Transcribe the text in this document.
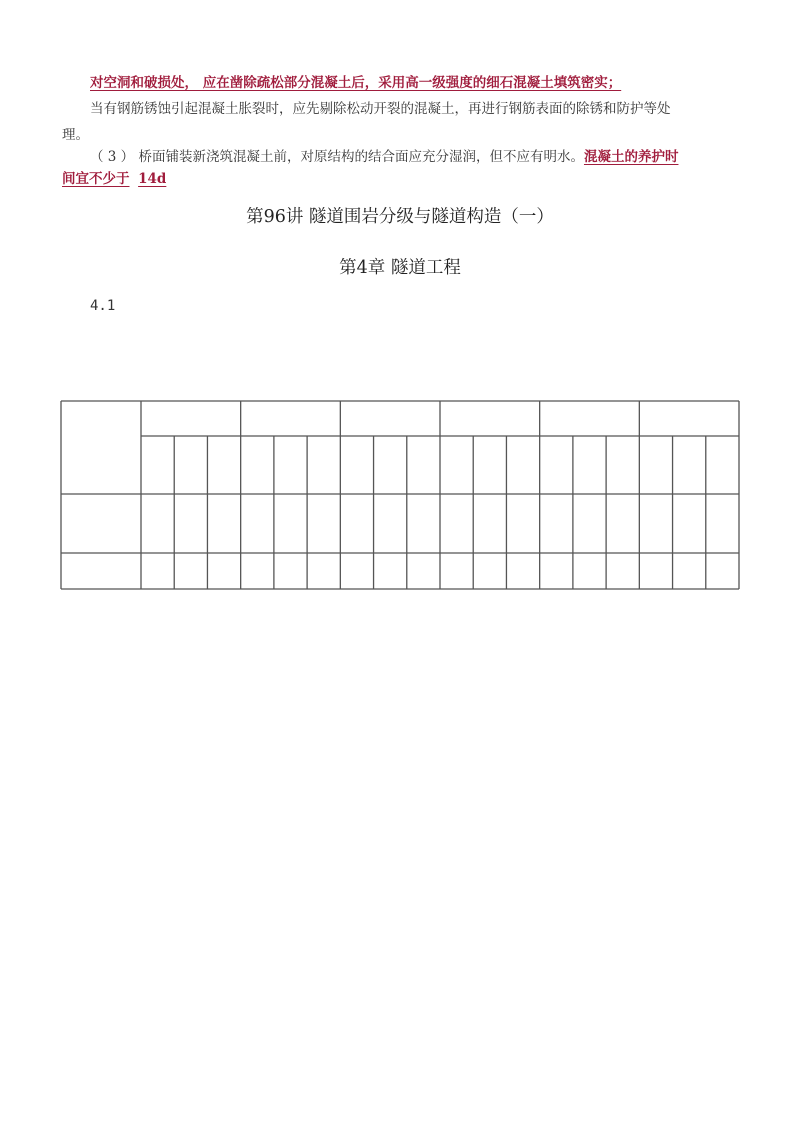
对空洞和破损处， 应在凿除疏松部分混凝土后，采用高一级强度的细石混凝土填筑密实；
当有钢筋锈蚀引起混凝土胀裂时，应先剔除松动开裂的混凝土，再进行钢筋表面的除锈和防护等处
理。
（ 3 ） 桥面铺装新浇筑混凝土前，对原结构的结合面应充分湿润，但不应有明水。混凝土的养护时
间宜不少于 14d
第96讲 隧道围岩分级与隧道构造（一）
第4章 隧道工程
4.1
